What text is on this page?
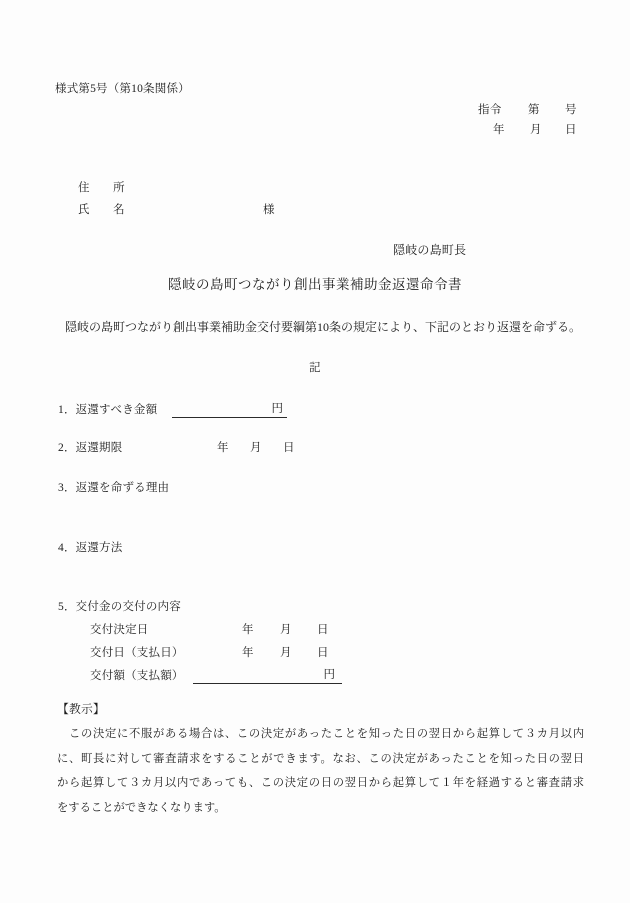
様式第5号（第10条関係）
指令 第 号
年 月 日
住　　所
氏　　名	様
隠岐の島町長
隠岐の島町つながり創出事業補助金返還命令書
隠岐の島町つながり創出事業補助金交付要綱第10条の規定により、下記のとおり返還を命ずる。
記
1．返還すべき金額	円
2．返還期限	年 月 日
3．返還を命ずる理由
4．返還方法
5．交付金の交付の内容
交付決定日	年 月 日
交付日（支払日）	年 月 日
交付額（支払額）	円
【教示】
　この決定に不服がある場合は、この決定があったことを知った日の翌日から起算して３カ月以内
に、町長に対して審査請求をすることができます。なお、この決定があったことを知った日の翌日
から起算して３カ月以内であっても、この決定の日の翌日から起算して１年を経過すると審査請求
をすることができなくなります。
